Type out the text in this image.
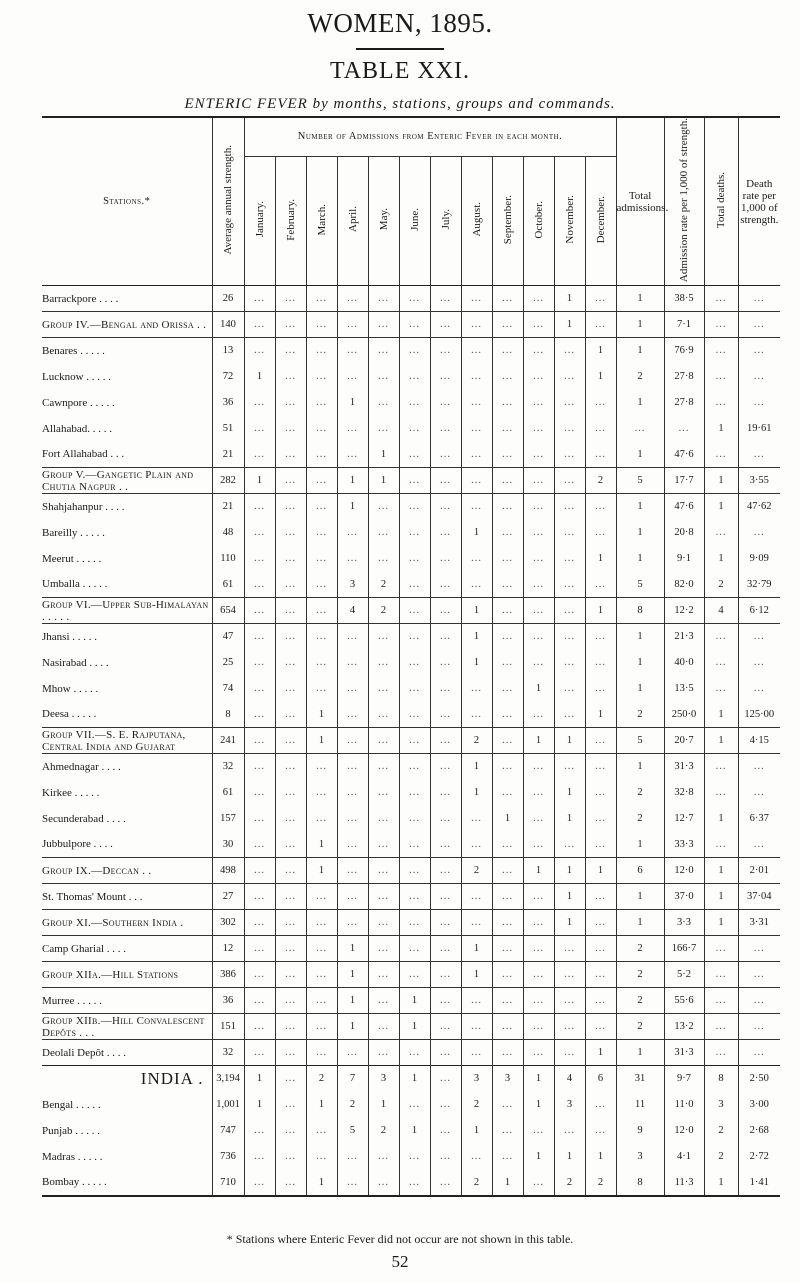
WOMEN, 1895.
TABLE XXI.
ENTERIC FEVER by months, stations, groups and commands.
Stations.*	Average annual strength.	Number of Admissions from Enteric Fever in each month.												Total admissions.	Admission rate per 1,000 of strength.	Total deaths.	Death rate per 1,000 of strength.
		January.	February.	March.	April.	May.	June.	July.	August.	September.	October.	November.	December.				
Barrackpore . . . .	26	...	...	...	...	...	...	...	...	...	...	1	...	1	38·5	...	...
Group IV.—Bengal and Orissa . .	140	...	...	...	...	...	...	...	...	...	...	1	...	1	7·1	...	...
Benares . . . . .	13	...	...	...	...	...	...	...	...	...	...	...	1	1	76·9	...	...
Lucknow . . . . .	72	1	...	...	...	...	...	...	...	...	...	...	1	2	27·8	...	...
Cawnpore . . . . .	36	...	...	...	1	...	...	...	...	...	...	...	...	1	27·8	...	...
Allahabad. . . . .	51	...	...	...	...	...	...	...	...	...	...	...	...	...	...	1	19·61
Fort Allahabad . . .	21	...	...	...	...	1	...	...	...	...	...	...	...	1	47·6	...	...
Group V.—Gangetic Plain and Chutia Nagpur . .	282	1	...	...	1	1	...	...	...	...	...	...	2	5	17·7	1	3·55
Shahjahanpur . . . .	21	...	...	...	1	...	...	...	...	...	...	...	...	1	47·6	1	47·62
Bareilly . . . . .	48	...	...	...	...	...	...	...	1	...	...	...	...	1	20·8	...	...
Meerut . . . . .	110	...	...	...	...	...	...	...	...	...	...	...	1	1	9·1	1	9·09
Umballa . . . . .	61	...	...	...	3	2	...	...	...	...	...	...	...	5	82·0	2	32·79
Group VI.—Upper Sub-Himalayan . . . . .	654	...	...	...	4	2	...	...	1	...	...	...	1	8	12·2	4	6·12
Jhansi . . . . .	47	...	...	...	...	...	...	...	1	...	...	...	...	1	21·3	...	...
Nasirabad . . . .	25	...	...	...	...	...	...	...	1	...	...	...	...	1	40·0	...	...
Mhow . . . . .	74	...	...	...	...	...	...	...	...	...	1	...	...	1	13·5	...	...
Deesa . . . . .	8	...	...	1	...	...	...	...	...	...	...	...	1	2	250·0	1	125·00
Group VII.—S. E. Rajputana, Central India and Gujarat	241	...	...	1	...	...	...	...	2	...	1	1	...	5	20·7	1	4·15
Ahmednagar . . . .	32	...	...	...	...	...	...	...	1	...	...	...	...	1	31·3	...	...
Kirkee . . . . .	61	...	...	...	...	...	...	...	1	...	...	1	...	2	32·8	...	...
Secunderabad . . . .	157	...	...	...	...	...	...	...	...	1	...	1	...	2	12·7	1	6·37
Jubbulpore . . . .	30	...	...	1	...	...	...	...	...	...	...	...	...	1	33·3	...	...
Group IX.—Deccan . .	498	...	...	1	...	...	...	...	2	...	1	1	1	6	12·0	1	2·01
St. Thomas' Mount . . .	27	...	...	...	...	...	...	...	...	...	...	1	...	1	37·0	1	37·04
Group XI.—Southern India .	302	...	...	...	...	...	...	...	...	...	...	1	...	1	3·3	1	3·31
Camp Gharial . . . .	12	...	...	...	1	...	...	...	1	...	...	...	...	2	166·7	...	...
Group XIIa.—Hill Stations	386	...	...	...	1	...	...	...	1	...	...	...	...	2	5·2	...	...
Murree . . . . .	36	...	...	...	1	...	1	...	...	...	...	...	...	2	55·6	...	...
Group XIIb.—Hill Convalescent Depôts . . .	151	...	...	...	1	...	1	...	...	...	...	...	...	2	13·2	...	...
Deolali Depôt . . . .	32	...	...	...	...	...	...	...	...	...	...	...	1	1	31·3	...	...
INDIA .	3,194	1	...	2	7	3	1	...	3	3	1	4	6	31	9·7	8	2·50
Bengal . . . . .	1,001	1	...	1	2	1	...	...	2	...	1	3	...	11	11·0	3	3·00
Punjab . . . . .	747	...	...	...	5	2	1	...	1	...	...	...	...	9	12·0	2	2·68
Madras . . . . .	736	...	...	...	...	...	...	...	...	...	1	1	1	3	4·1	2	2·72
Bombay . . . . .	710	...	...	1	...	...	...	...	2	1	...	2	2	8	11·3	1	1·41
* Stations where Enteric Fever did not occur are not shown in this table.
52
